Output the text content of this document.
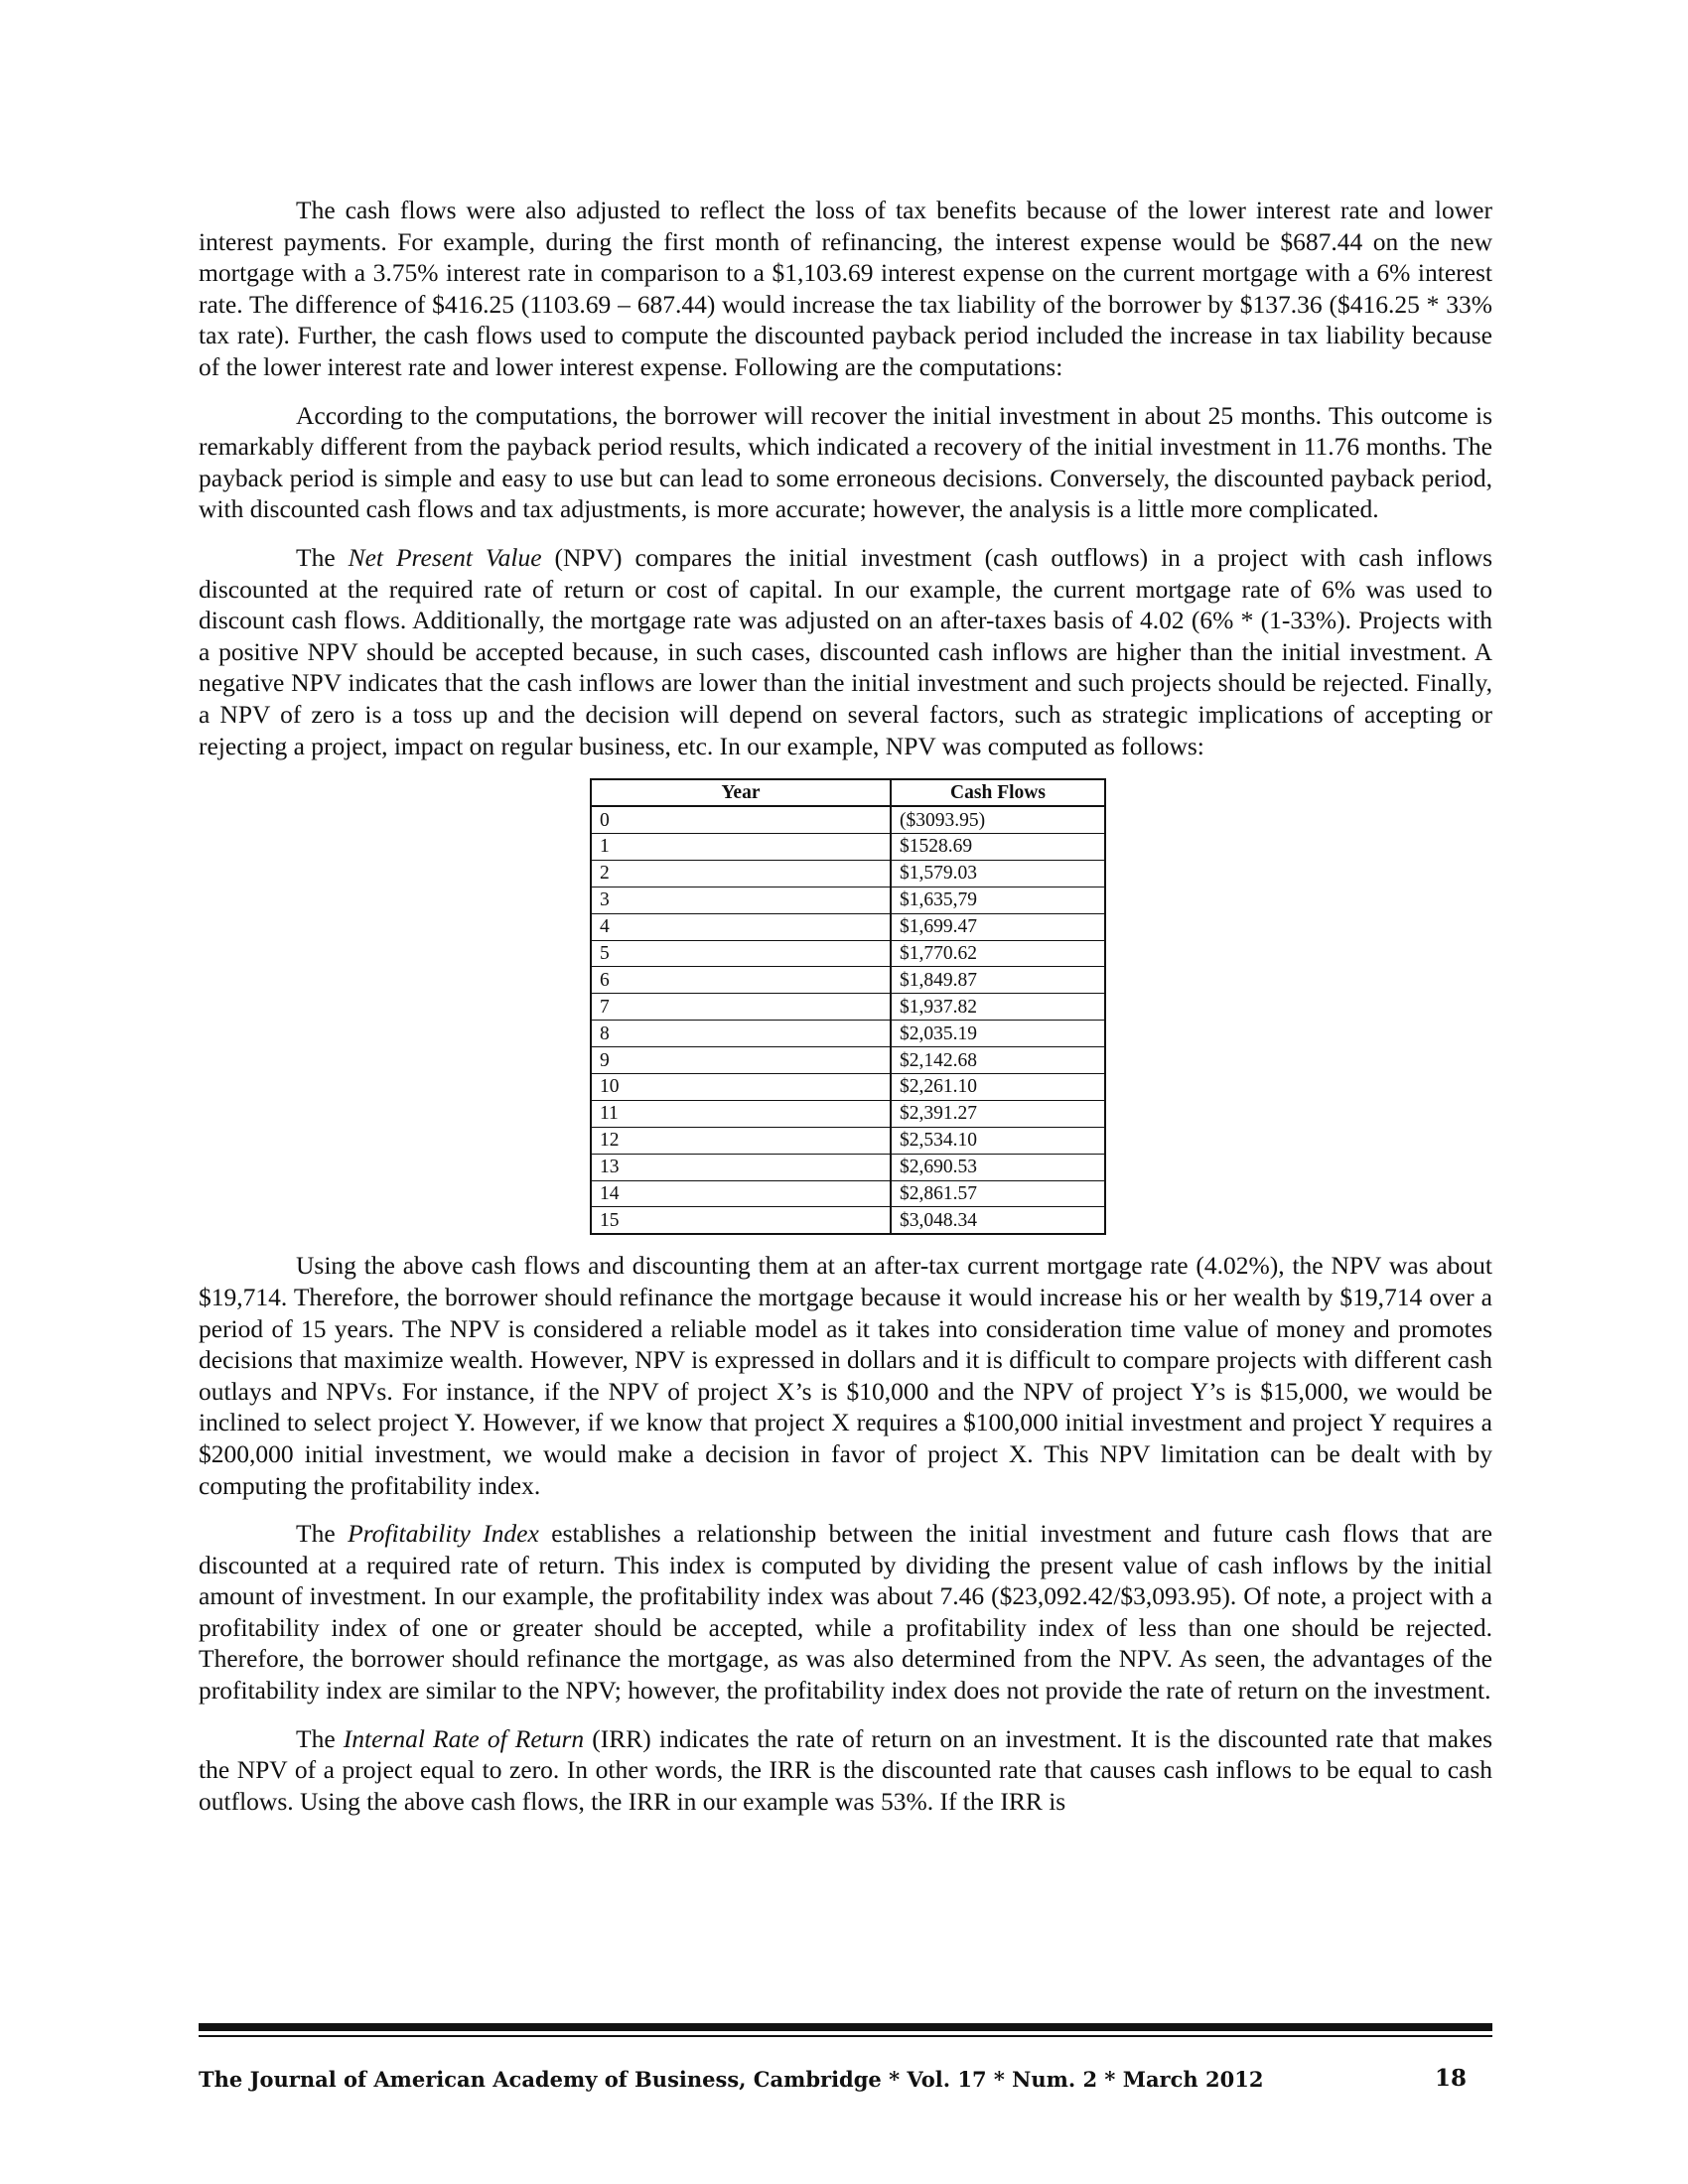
The cash flows were also adjusted to reflect the loss of tax benefits because of the lower interest rate and lower interest payments. For example, during the first month of refinancing, the interest expense would be $687.44 on the new mortgage with a 3.75% interest rate in comparison to a $1,103.69 interest expense on the current mortgage with a 6% interest rate. The difference of $416.25 (1103.69 – 687.44) would increase the tax liability of the borrower by $137.36 ($416.25 * 33% tax rate). Further, the cash flows used to compute the discounted payback period included the increase in tax liability because of the lower interest rate and lower interest expense. Following are the computations:

According to the computations, the borrower will recover the initial investment in about 25 months. This outcome is remarkably different from the payback period results, which indicated a recovery of the initial investment in 11.76 months. The payback period is simple and easy to use but can lead to some erroneous decisions. Conversely, the discounted payback period, with discounted cash flows and tax adjustments, is more accurate; however, the analysis is a little more complicated.

The Net Present Value (NPV) compares the initial investment (cash outflows) in a project with cash inflows discounted at the required rate of return or cost of capital. In our example, the current mortgage rate of 6% was used to discount cash flows. Additionally, the mortgage rate was adjusted on an after-taxes basis of 4.02 (6% * (1-33%). Projects with a positive NPV should be accepted because, in such cases, discounted cash inflows are higher than the initial investment. A negative NPV indicates that the cash inflows are lower than the initial investment and such projects should be rejected. Finally, a NPV of zero is a toss up and the decision will depend on several factors, such as strategic implications of accepting or rejecting a project, impact on regular business, etc. In our example, NPV was computed as follows:

Year	Cash Flows
0	($3093.95)
1	$1528.69
2	$1,579.03
3	$1,635,79
4	$1,699.47
5	$1,770.62
6	$1,849.87
7	$1,937.82
8	$2,035.19
9	$2,142.68
10	$2,261.10
11	$2,391.27
12	$2,534.10
13	$2,690.53
14	$2,861.57
15	$3,048.34

Using the above cash flows and discounting them at an after-tax current mortgage rate (4.02%), the NPV was about $19,714. Therefore, the borrower should refinance the mortgage because it would increase his or her wealth by $19,714 over a period of 15 years. The NPV is considered a reliable model as it takes into consideration time value of money and promotes decisions that maximize wealth. However, NPV is expressed in dollars and it is difficult to compare projects with different cash outlays and NPVs. For instance, if the NPV of project X’s is $10,000 and the NPV of project Y’s is $15,000, we would be inclined to select project Y. However, if we know that project X requires a $100,000 initial investment and project Y requires a $200,000 initial investment, we would make a decision in favor of project X. This NPV limitation can be dealt with by computing the profitability index.

The Profitability Index establishes a relationship between the initial investment and future cash flows that are discounted at a required rate of return. This index is computed by dividing the present value of cash inflows by the initial amount of investment. In our example, the profitability index was about 7.46 ($23,092.42/$3,093.95). Of note, a project with a profitability index of one or greater should be accepted, while a profitability index of less than one should be rejected. Therefore, the borrower should refinance the mortgage, as was also determined from the NPV. As seen, the advantages of the profitability index are similar to the NPV; however, the profitability index does not provide the rate of return on the investment.

The Internal Rate of Return (IRR) indicates the rate of return on an investment. It is the discounted rate that makes the NPV of a project equal to zero. In other words, the IRR is the discounted rate that causes cash inflows to be equal to cash outflows. Using the above cash flows, the IRR in our example was 53%. If the IRR is

The Journal of American Academy of Business, Cambridge * Vol. 17 * Num. 2 * March 2012	18
